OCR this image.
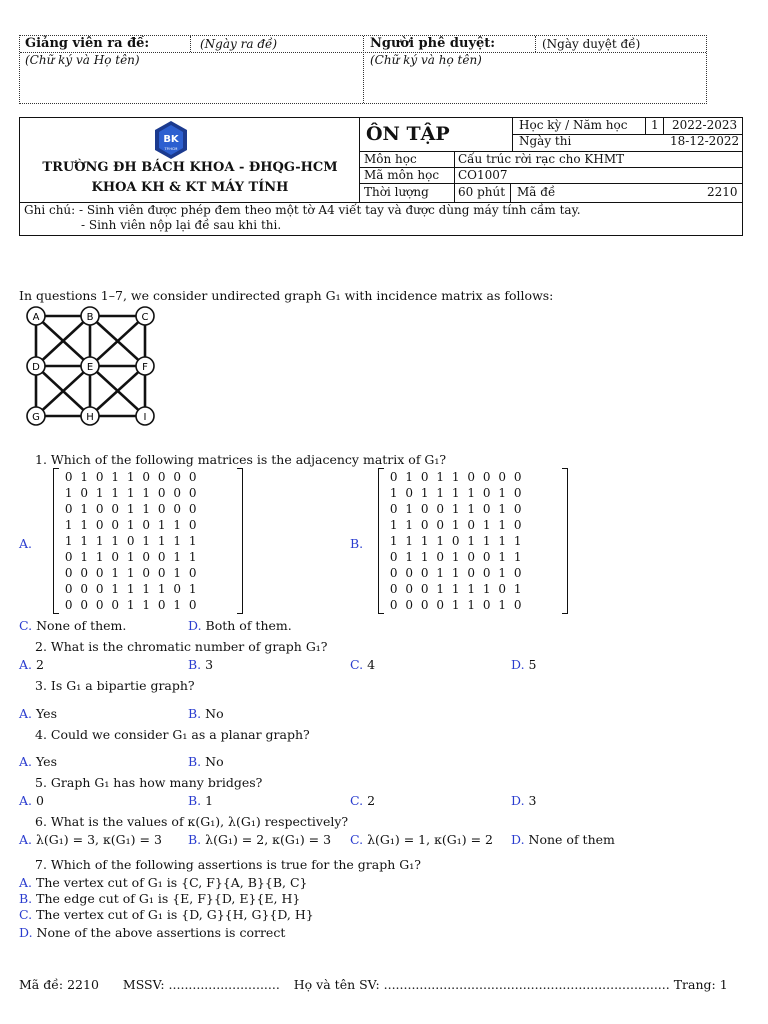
Giảng viên ra đề:	(Ngày ra đề)	Người phê duyệt:	(Ngày duyệt đề)
(Chữ ký và Họ tên)	(Chữ ký và họ tên)
BK
TP.HCM
TRƯỜNG ĐH BÁCH KHOA - ĐHQG-HCM
KHOA KH & KT MÁY TÍNH
ÔN TẬP	Học kỳ / Năm học 1 2022-2023
Ngày thi	18-12-2022
Môn học	Cấu trúc rời rạc cho KHMT
Mã môn học CO1007
Thời lượng 60 phút Mã đề	2210
Ghi chú: - Sinh viên được phép đem theo một tờ A4 viết tay và được dùng máy tính cầm tay.
- Sinh viên nộp lại đề sau khi thi.
In questions 1–7, we consider undirected graph G₁ with incidence matrix as follows:
A	B	C
D	E	F
G	H	I
1. Which of the following matrices is the adjacency matrix of G₁?
A.
0 1 0 1 1 0 0 0 0
1 0 1 1 1 1 0 0 0
0 1 0 0 1 1 0 0 0
1 1 0 0 1 0 1 1 0
1 1 1 1 0 1 1 1 1
0 1 1 0 1 0 0 1 1
0 0 0 1 1 0 0 1 0
0 0 0 1 1 1 1 0 1
0 0 0 0 1 1 0 1 0
B.
0 1 0 1 1 0 0 0 0
1 0 1 1 1 1 0 1 0
0 1 0 0 1 1 0 1 0
1 1 0 0 1 0 1 1 0
1 1 1 1 0 1 1 1 1
0 1 1 0 1 0 0 1 1
0 0 0 1 1 0 0 1 0
0 0 0 1 1 1 1 0 1
0 0 0 0 1 1 0 1 0
C. None of them.	D. Both of them.
2. What is the chromatic number of graph G₁?
A. 2	B. 3	C. 4	D. 5
3. Is G₁ a bipartie graph?
A. Yes	B. No
4. Could we consider G₁ as a planar graph?
A. Yes	B. No
5. Graph G₁ has how many bridges?
A. 0	B. 1	C. 2	D. 3
6. What is the values of κ(G₁), λ(G₁) respectively?
A. λ(G₁) = 3, κ(G₁) = 3 B. λ(G₁) = 2, κ(G₁) = 3 C. λ(G₁) = 1, κ(G₁) = 2 D. None of them
7. Which of the following assertions is true for the graph G₁?
A. The vertex cut of G₁ is {C, F}{A, B}{B, C}
B. The edge cut of G₁ is {E, F}{D, E}{E, H}
C. The vertex cut of G₁ is {D, G}{H, G}{D, H}
D. None of the above assertions is correct
Mã đề: 2210 MSSV: ............................ Họ và tên SV: ........................................................................ Trang: 1
